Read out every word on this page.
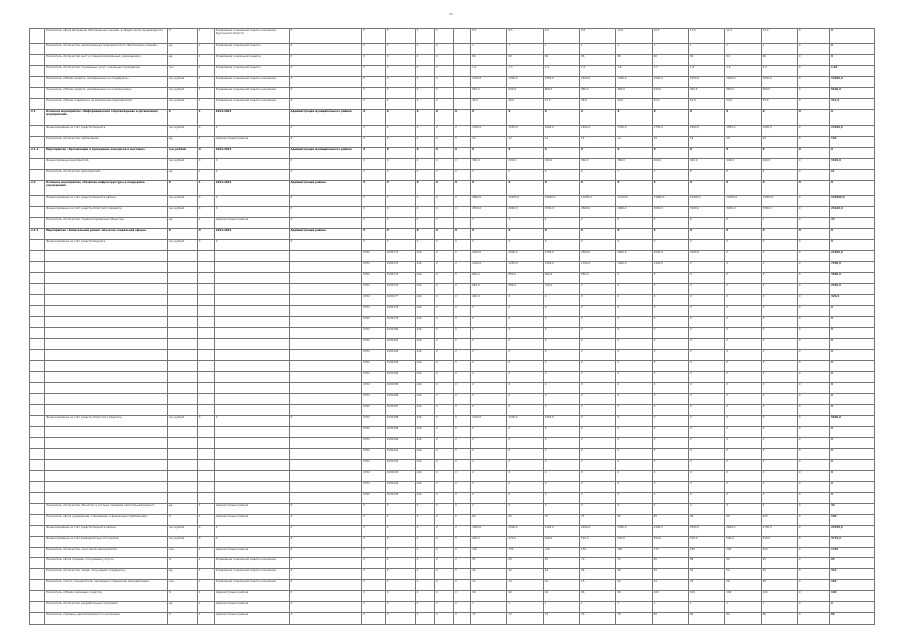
35
	Показатель «Доля ветеранов, обеспеченных жильём, в общем числе нуждающихся»	%	1	Управление социальной защиты населения Курганской области	Х	Х	Х	Х	Х		8,0	8,5	9,0	9,5	10,0	10,5	11,0	11,5	12,0	Х	Х
	Показатель «Количество реализованных мероприятий по обеспечению жильём»	ед.	1	Управление социальной защиты	Х	Х	Х	Х	Х		1	1	1	1	1	1	1	1	1	Х	Х
	Показатель «Количество мест в специализированных учреждениях»	ед.	1	Управление социальной защиты	Х	Х	Х	Х	Х		80	82	84	86	88	90	92	94	96	Х	Х
	Показатель «Количество социальных услуг, оказанных гражданам»	тыс.	1	Управление социальной защиты	Х	Х	Х	Х	Х		1,2	1,3	1,4	1,5	1,6	1,7	1,8	1,9	2,0	Х	1,82
	Показатель «Объём средств, направленных на поддержку»	тыс.рублей	1	Управление социальной защиты населения	Х	Х	Х	Х	Х		1250,0	1300,0	1350,0	1400,0	1450,0	1500,0	1550,0	1600,0	1650,0	Х	14050,0
	Показатель «Объём средств, направленных на компенсацию»	тыс.рублей	1	Управление социальной защиты населения	Х	Х	Х	Х	Х		820,0	840,0	860,0	880,0	900,0	920,0	940,0	960,0	980,0	Х	8100,0
	Показатель «Объём поддержки на реализацию мероприятий»	тыс.рублей	1	Управление социальной защиты населения	Х	Х	Х	Х	Х		45,0	46,0	47,0	48,0	49,0	50,0	51,0	52,0	53,0	Х	441,0
2.1	Основное мероприятие «Информационное сопровождение и организация мероприятий»	Х	1	2014-2024	Администрация муниципального района	Х	Х	Х	Х	Х	Х	Х	Х	Х	Х	Х	Х	Х	Х	Х	Х
	Финансирование за счёт средств бюджета	тыс.рублей	Х	Х	Х	Х	Х	Х	Х	Х	1500,0	1550,0	1600,0	1650,0	1700,0	1750,0	1800,0	1850,0	1900,0	Х	15300,0
	Показатель «Количество публикаций»	ед.	1	Администрация района	Х	Х	Х	Х	Х	Х	10	12	12	14	14	16	16	18	18	Х	130
2.1.1	Мероприятие «Организация и проведение конкурсов и выставок»	тыс.рублей	Х	2014-2024	Администрация муниципального района	Х	Х	Х	Х	Х	Х	Х	Х	Х	Х	Х	Х	Х	Х	Х	Х
	Финансирование мероприятий	тыс.рублей	Х	Х	Х	Х	Х	Х	Х	Х	300,0	320,0	340,0	360,0	380,0	400,0	420,0	440,0	460,0	Х	3420,0
	Показатель «Количество мероприятий»	ед.	1	Х	Х	Х	Х	Х	Х	Х	5	5	6	6	7	7	8	8	9	Х	61
2.2	Основное мероприятие «Развитие инфраструктуры и поддержка учреждений»	Х	1	2014-2024	Администрация района	Х	Х	Х	Х	Х	Х	Х	Х	Х	Х	Х	Х	Х	Х	Х	Х
	Финансирование за счёт средств бюджета района	тыс.рублей	Х	Х	Х	Х	Х	Х	Х	Х	9800,0	10200,0	10600,0	11000,0	11400,0	11800,0	12200,0	12600,0	13000,0	Х	102600,0
	Финансирование за счёт средств областного бюджета	тыс.рублей	Х	Х	Х	Х	Х	Х	Х	Х	2500,0	2600,0	2700,0	2800,0	2900,0	3000,0	3100,0	3200,0	3300,0	Х	26100,0
	Показатель «Количество отремонтированных объектов»	ед.	1	Администрация района	Х	Х	Х	Х	Х		3	3	4	4	5	5	6	6	7	Х	43
2.2.1	Мероприятие «Капитальный ремонт объектов социальной сферы»	Х	Х	2014-2024	Администрация района	Х	Х	Х	Х	Х	Х	Х	Х	Х	Х	Х	Х	Х	Х	Х	Х
	Финансирование за счёт средств бюджета	тыс.рублей	Х	Х	Х	Х	Х	Х	Х	Х	Х	Х	Х	Х	Х	Х	Х	Х	Х	Х	Х
						0702	0130173	244	Х	Х	2500,0	2600,0	2700,0	2800,0	2900,0	3000,0	3100,0	Х	Х	Х	21600,0
						0702	0130174	244	Х	Х	1200,0	1250,0	1300,0	1350,0	1400,0	1450,0	Х	Х	Х	Х	7950,0
						0702	0130175	244	Х	Х	800,0	850,0	900,0	950,0	Х	Х	Х	Х	Х	Х	3500,0
						0702	0130176	244	Х	Х	640,0	680,0	720,0	Х	Х	Х	Х	Х	Х	Х	2040,0
						0702	0130177	244	Х	Х	420,0	Х	Х	Х	Х	Х	Х	Х	Х	Х	420,0
						0702	0130178	244	Х	Х	Х	Х	Х	Х	Х	Х	Х	Х	Х	Х	Х
						0702	0130179	244	Х	Х	Х	Х	Х	Х	Х	Х	Х	Х	Х	Х	Х
						0702	0130180	244	Х	Х	Х	Х	Х	Х	Х	Х	Х	Х	Х	Х	Х
						0702	0130181	244	Х	Х	Х	Х	Х	Х	Х	Х	Х	Х	Х	Х	Х
						0702	0130182	244	Х	Х	Х	Х	Х	Х	Х	Х	Х	Х	Х	Х	Х
						0702	0130183	244	Х	Х	Х	Х	Х	Х	Х	Х	Х	Х	Х	Х	Х
						0702	0130184	244	Х	Х	Х	Х	Х	Х	Х	Х	Х	Х	Х	Х	Х
						0702	0130185	244	Х	Х	Х	Х	Х	Х	Х	Х	Х	Х	Х	Х	Х
						0702	0130186	244	Х	Х	Х	Х	Х	Х	Х	Х	Х	Х	Х	Х	Х
						0702	0130187	244	Х	Х	Х	Х	Х	Х	Х	Х	Х	Х	Х	Х	Х
	Финансирование за счёт средств областного бюджета	тыс.рублей	Х	Х	Х	0702	0130188	244	Х	Х	3100,0	3200,0	3300,0	Х	Х	Х	Х	Х	Х	Х	9600,0
						0702	0130189	244	Х	Х	Х	Х	Х	Х	Х	Х	Х	Х	Х	Х	Х
						0702	0130190	244	Х	Х	Х	Х	Х	Х	Х	Х	Х	Х	Х	Х	Х
						0702	0130191	244	Х	Х	Х	Х	Х	Х	Х	Х	Х	Х	Х	Х	Х
						0702	0130192	244	Х	Х	Х	Х	Х	Х	Х	Х	Х	Х	Х	Х	Х
						0702	0130193	244	Х	Х	Х	Х	Х	Х	Х	Х	Х	Х	Х	Х	Х
						0702	0130194	244	Х	Х	Х	Х	Х	Х	Х	Х	Х	Х	Х	Х	Х
						0702	0130195	244	Х	Х	Х	Х	Х	Х	Х	Х	Х	Х	Х	Х	Х
	Показатель «Количество объектов, в которых проведён капитальный ремонт»	ед.	1	Администрация района	Х	Х	Х	Х	Х	Х	2	2	3	3	3	4	4	4	5	Х	30
	Показатель «Доля учреждений, отвечающих современным требованиям»	%	1	Администрация района	Х	Х	Х	Х	Х	Х	60	65	70	75	80	85	90	95	100	Х	100
	Финансирование за счёт средств бюджета района	тыс.рублей	Х	Х	Х	Х	Х	Х	Х	Х	1900,0	2000,0	2100,0	2200,0	2300,0	2400,0	2500,0	2600,0	2700,0	Х	20700,0
	Финансирование за счёт внебюджетных источников	тыс.рублей	Х	Х	Х	Х	Х	Х	Х	Х	450,0	470,0	490,0	510,0	530,0	550,0	570,0	590,0	610,0	Х	4770,0
	Показатель «Количество участников мероприятий»	чел.	1	Администрация района	Х	Х	Х	Х	Х	Х	120	130	140	150	160	170	180	190	200	Х	1440
	Показатель «Доля граждан, получивших услуги»	%	1	Управление социальной защиты населения	Х	Х	Х	Х	Х	Х	55	60	65	70	75	80	85	90	95	Х	95
	Показатель «Количество семей, получивших поддержку»	ед.	1	Управление социальной защиты населения	Х	Х	Х	Х	Х	Х	40	42	44	46	48	50	52	54	56	Х	432
	Показатель «Число специалистов, прошедших повышение квалификации»	чел.	1	Управление социальной защиты населения	Х	Х	Х	Х	Х	Х	12	14	16	18	20	22	24	26	28	Х	180
	Показатель «Объём освоенных средств»	%	1	Администрация района	Х	Х	Х	Х	Х	Х	90	92	94	96	98	100	100	100	100	Х	100
	Показатель «Количество разработанных программ»	ед.	1	Администрация района	Х	Х	Х	Х	Х	Х	1	1	1	1	1	1	1	1	1	Х	9
	Показатель «Уровень удовлетворённости населения»	%	1	Администрация района	Х	Х	Х	Х	Х	Х	70	72	74	76	78	80	82	84	86	Х	86
